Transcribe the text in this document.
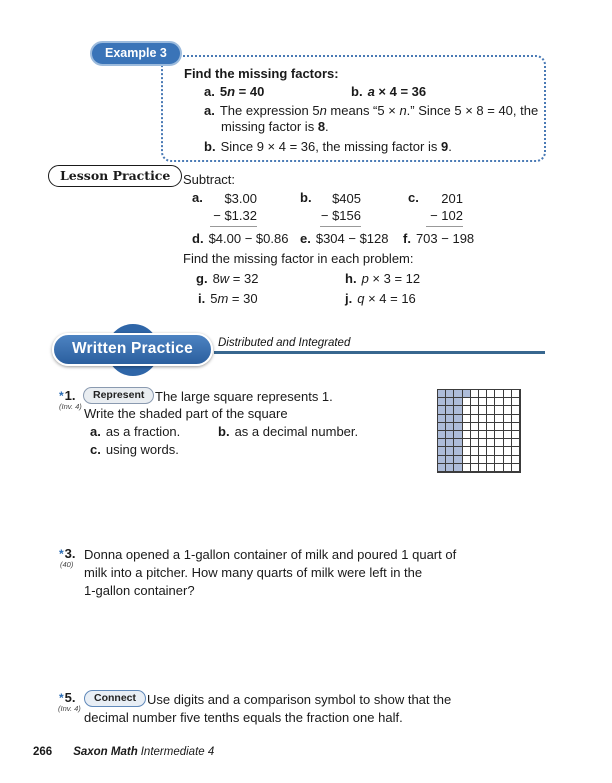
Example 3
Find the missing factors:
a. 5n = 40	b. a × 4 = 36
a. The expression 5n means “5 × n.” Since 5 × 8 = 40, the
missing factor is 8.
b. Since 9 × 4 = 36, the missing factor is 9.
Lesson Practice Subtract:
a.	$3.00
− $1.32
b.	$405
− $156
c.	201
− 102
d. $4.00 − $0.86 e. $304 − $128 f. 703 − 198
Find the missing factor in each problem:
g. 8w = 32	h. p × 3 = 12
i. 5m = 30	j. q × 4 = 16
Written Practice	Distributed and Integrated
*1.
(Inv. 4)
Represent The large square represents 1.
Write the shaded part of the square
a. as a fraction.	b. as a decimal number.
c. using words.
*3.
(40)
Donna opened a 1-gallon container of milk and poured 1 quart of
milk into a pitcher. How many quarts of milk were left in the
1-gallon container?
*5.
(Inv. 4)
Connect Use digits and a comparison symbol to show that the
decimal number five tenths equals the fraction one half.
266 Saxon Math Intermediate 4
